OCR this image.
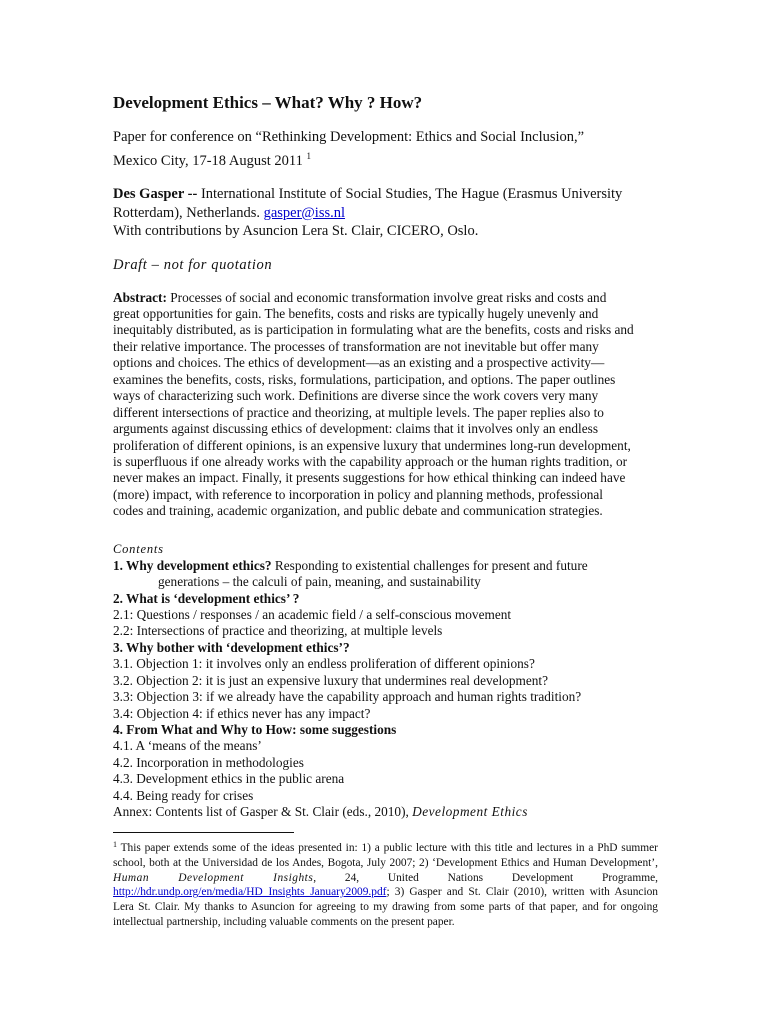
Development Ethics – What? Why ? How?

Paper for conference on “Rethinking Development: Ethics and Social Inclusion,”

Mexico City, 17-18 August 2011 $^1$

Des Gasper -- International Institute of Social Studies, The Hague (Erasmus University

Rotterdam), Netherlands. gasper@iss.nl

With contributions by Asuncion Lera St. Clair, CICERO, Oslo.

Draft – not for quotation
Abstract: Processes of social and economic transformation involve great risks and costs and
great opportunities for gain. The benefits, costs and risks are typically hugely unevenly and
inequitably distributed, as is participation in formulating what are the benefits, costs and risks and
their relative importance. The processes of transformation are not inevitable but offer many
options and choices. The ethics of development—as an existing and a prospective activity—
examines the benefits, costs, risks, formulations, participation, and options. The paper outlines
ways of characterizing such work. Definitions are diverse since the work covers very many
different intersections of practice and theorizing, at multiple levels. The paper replies also to
arguments against discussing ethics of development: claims that it involves only an endless
proliferation of different opinions, is an expensive luxury that undermines long-run development,
is superfluous if one already works with the capability approach or the human rights tradition, or
never makes an impact. Finally, it presents suggestions for how ethical thinking can indeed have
(more) impact, with reference to incorporation in policy and planning methods, professional
codes and training, academic organization, and public debate and communication strategies.
Contents

1. Why development ethics? Responding to existential challenges for present and future

generations – the calculi of pain, meaning, and sustainability

2. What is ‘development ethics’ ?

2.1: Questions / responses / an academic field / a self-conscious movement

2.2: Intersections of practice and theorizing, at multiple levels

3. Why bother with ‘development ethics’?

3.1. Objection 1: it involves only an endless proliferation of different opinions?

3.2. Objection 2: it is just an expensive luxury that undermines real development?

3.3: Objection 3: if we already have the capability approach and human rights tradition?

3.4: Objection 4: if ethics never has any impact?

4. From What and Why to How: some suggestions

4.1. A ‘means of the means’

4.2. Incorporation in methodologies

4.3. Development ethics in the public arena

4.4. Being ready for crises

Annex: Contents list of Gasper & St. Clair (eds., 2010), Development Ethics

$^1$ This paper extends some of the ideas presented in: 1) a public lecture with this title and lectures in a PhD summer school, both at the Universidad de los Andes, Bogota, July 2007; 2) ‘Development Ethics and Human Development’, Human Development Insights, 24, United Nations Development Programme, http://hdr.undp.org/en/media/HD_Insights_January2009.pdf; 3) Gasper and St. Clair (2010), written with Asuncion Lera St. Clair. My thanks to Asuncion for agreeing to my drawing from some parts of that paper, and for ongoing intellectual partnership, including valuable comments on the present paper.
